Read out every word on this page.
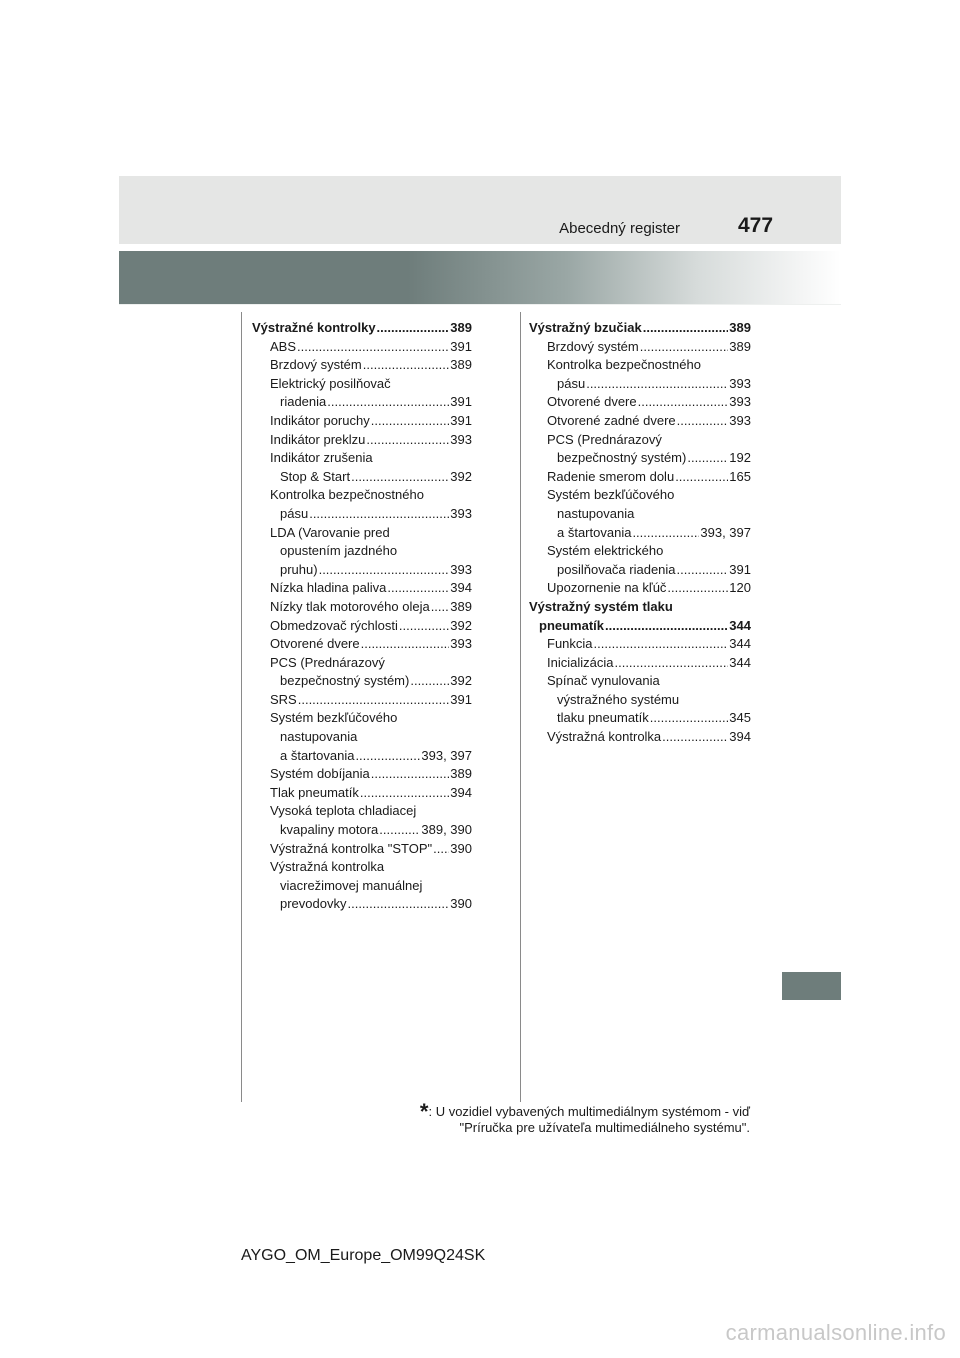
Abecedný register	477
Výstražné kontrolky .....	389
ABS .....	391
Brzdový systém .....	389
Elektrický posilňovač
riadenia .....	391
Indikátor poruchy .....	391
Indikátor preklzu .....	393
Indikátor zrušenia
Stop & Start .....	392
Kontrolka bezpečnostného
pásu .....	393
LDA (Varovanie pred
opustením jazdného
pruhu) .....	393
Nízka hladina paliva .....	394
Nízky tlak motorového oleja ..... 389
Obmedzovač rýchlosti .....	392
Otvorené dvere .....	393
PCS (Prednárazový
bezpečnostný systém) .....	392
SRS .....	391
Systém bezkľúčového
nastupovania
a štartovania .....	393, 397
Systém dobíjania .....	389
Tlak pneumatík .....	394
Vysoká teplota chladiacej
kvapaliny motora .....	389, 390
Výstražná kontrolka "STOP" ..... 390
Výstražná kontrolka
viacrežimovej manuálnej
prevodovky .....	390
Výstražný bzučiak .....	389
Brzdový systém .....	389
Kontrolka bezpečnostného
pásu .....	393
Otvorené dvere .....	393
Otvorené zadné dvere .....	393
PCS (Prednárazový
bezpečnostný systém) .....	192
Radenie smerom dolu .....	165
Systém bezkľúčového
nastupovania
a štartovania .....	393, 397
Systém elektrického
posilňovača riadenia .....	391
Upozornenie na kľúč .....	120
Výstražný systém tlaku
pneumatík .....	344
Funkcia .....	344
Inicializácia .....	344
Spínač vynulovania
výstražného systému
tlaku pneumatík .....	345
Výstražná kontrolka .....	394
*: U vozidiel vybavených multimediálnym systémom - viď
"Príručka pre užívateľa multimediálneho systému".
AYGO_OM_Europe_OM99Q24SK
carmanualsonline.info
